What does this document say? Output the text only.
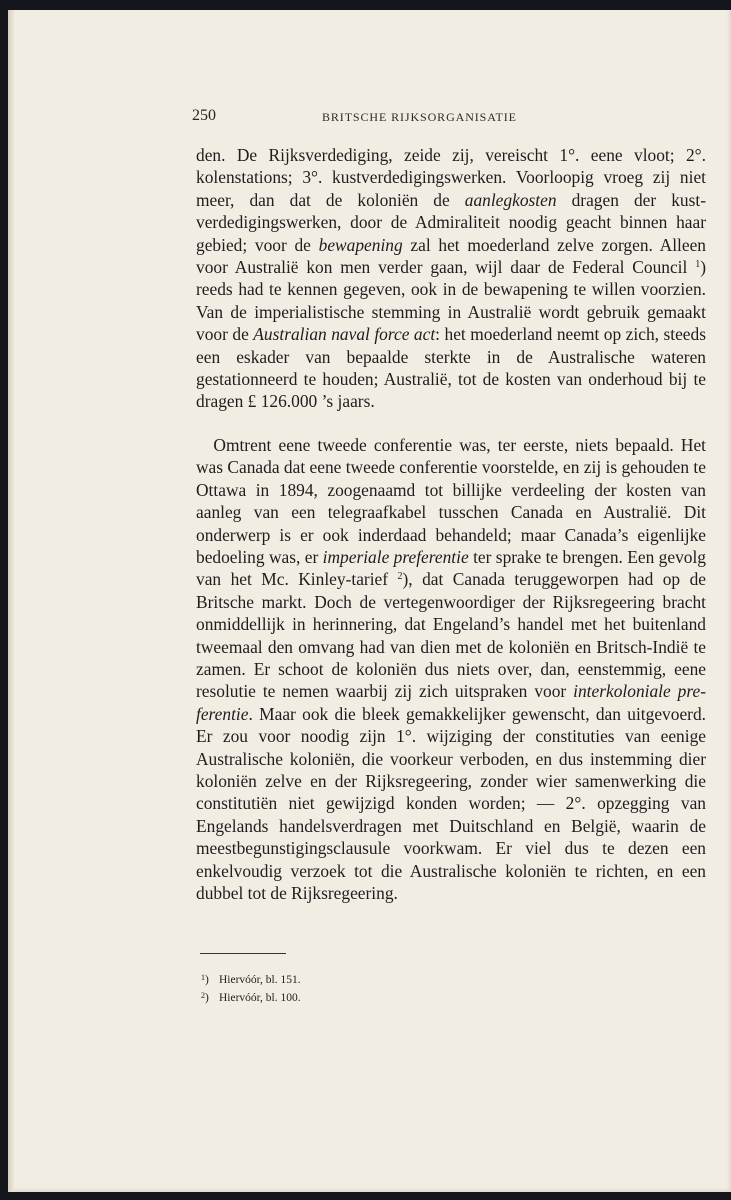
250	BRITSCHE RIJKSORGANISATIE

den. De Rijksverdediging, zeide zij, vereischt 1°. eene vloot; 2°. kolenstations; 3°. kustverdedigingswerken. Voorloopig vroeg zij niet meer, dan dat de koloniën de aanlegkosten dragen der kustverdedigingswerken, door de Admiraliteit noodig geacht binnen haar gebied; voor de bewapening zal het moederland zelve zorgen. Alleen voor Australië kon men verder gaan, wijl daar de Federal Council $^1$) reeds had te kennen gegeven, ook in de bewapening te willen voorzien. Van de imperialistische stemming in Australië wordt gebruik gemaakt voor de Australian naval force act: het moederland neemt op zich, steeds een eskader van bepaalde sterkte in de Australische wateren gestationneerd te houden; Australië, tot de kosten van onderhoud bij te dragen £ 126.000 ’s jaars.

 Omtrent eene tweede conferentie was, ter eerste, niets bepaald. Het was Canada dat eene tweede conferentie voorstelde, en zij is gehouden te Ottawa in 1894, zoogenaamd tot billijke verdeeling der kosten van aanleg van een telegraafkabel tusschen Canada en Australië. Dit onderwerp is er ook inderdaad behandeld; maar Canada’s eigenlijke bedoeling was, er imperiale preferentie ter sprake te brengen. Een gevolg van het Mc. Kinley-tarief $^2$), dat Canada teruggeworpen had op de Britsche markt. Doch de vertegenwoordiger der Rijksregeering bracht onmiddellijk in herinnering, dat Engeland’s handel met het buitenland tweemaal den omvang had van dien met de koloniën en Britsch-Indië te zamen. Er schoot de koloniën dus niets over, dan, eenstemmig, eene resolutie te nemen waarbij zij zich uitspraken voor interkoloniale preferentie. Maar ook die bleek gemakkelijker gewenscht, dan uitgevoerd. Er zou voor noodig zijn 1°. wijziging der constituties van eenige Australische koloniën, die voorkeur verboden, en dus instemming dier koloniën zelve en der Rijksregeering, zonder wier samenwerking die constitutiën niet gewijzigd konden worden; — 2°. opzegging van Engelands handelsverdragen met Duitschland en België, waarin de meestbegunstigingsclausule voorkwam. Er viel dus te dezen een enkelvoudig verzoek tot die Australische koloniën te richten, en een dubbel tot de Rijksregeering.

$^1$) Hiervóór, bl. 151.
$^2$) Hiervóór, bl. 100.
